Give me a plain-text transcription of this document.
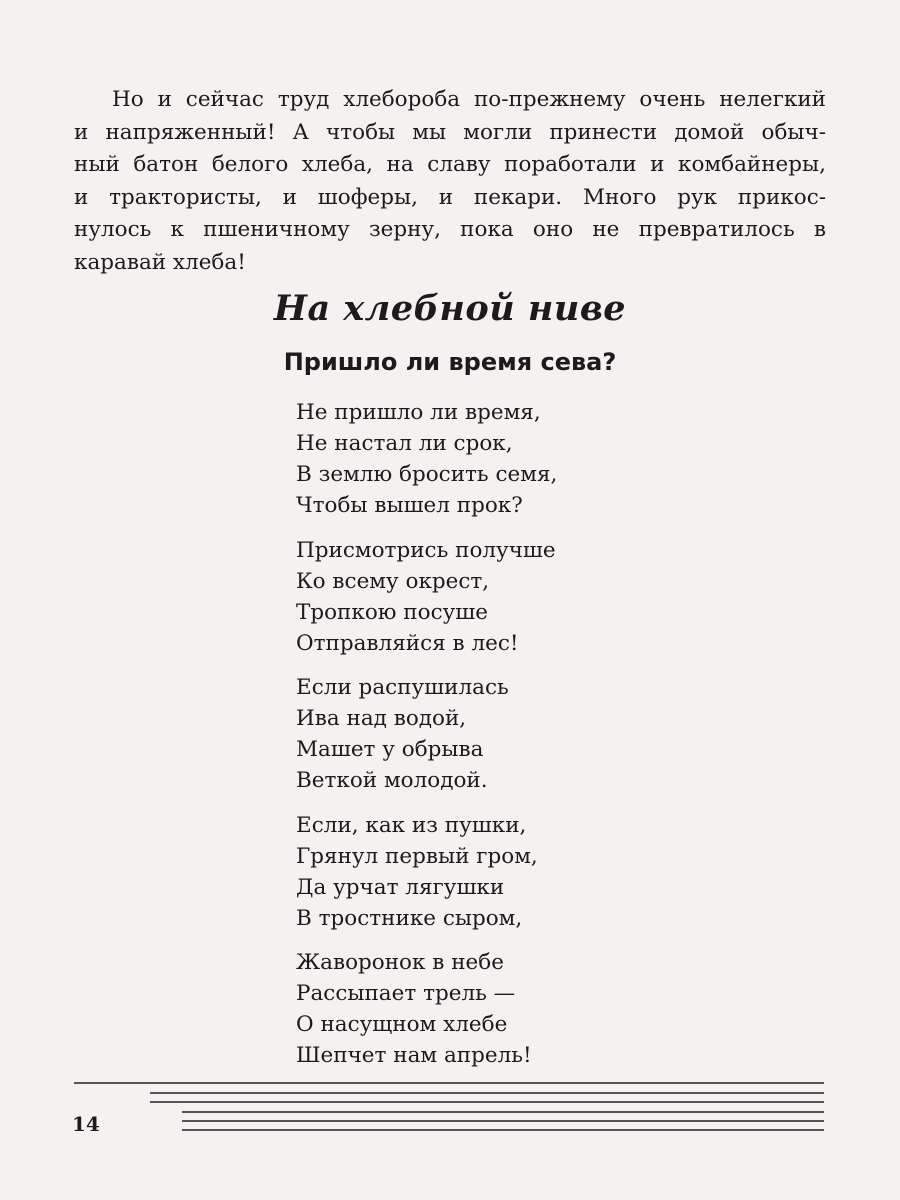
Но и сейчас труд хлебороба по-прежнему очень нелегкий
и напряженный! А чтобы мы могли принести домой обыч-
ный батон белого хлеба, на славу поработали и комбайнеры,
и трактористы, и шоферы, и пекари. Много рук прикос-
нулось к пшеничному зерну, пока оно не превратилось в
каравай хлеба!
На хлебной ниве
Пришло ли время сева?
Не пришло ли время,
Не настал ли срок,
В землю бросить семя,
Чтобы вышел прок?
Присмотрись получше
Ко всему окрест,
Тропкою посуше
Отправляйся в лес!
Если распушилась
Ива над водой,
Машет у обрыва
Веткой молодой.
Если, как из пушки,
Грянул первый гром,
Да урчат лягушки
В тростнике сыром,
Жаворонок в небе
Рассыпает трель —
О насущном хлебе
Шепчет нам апрель!
14
